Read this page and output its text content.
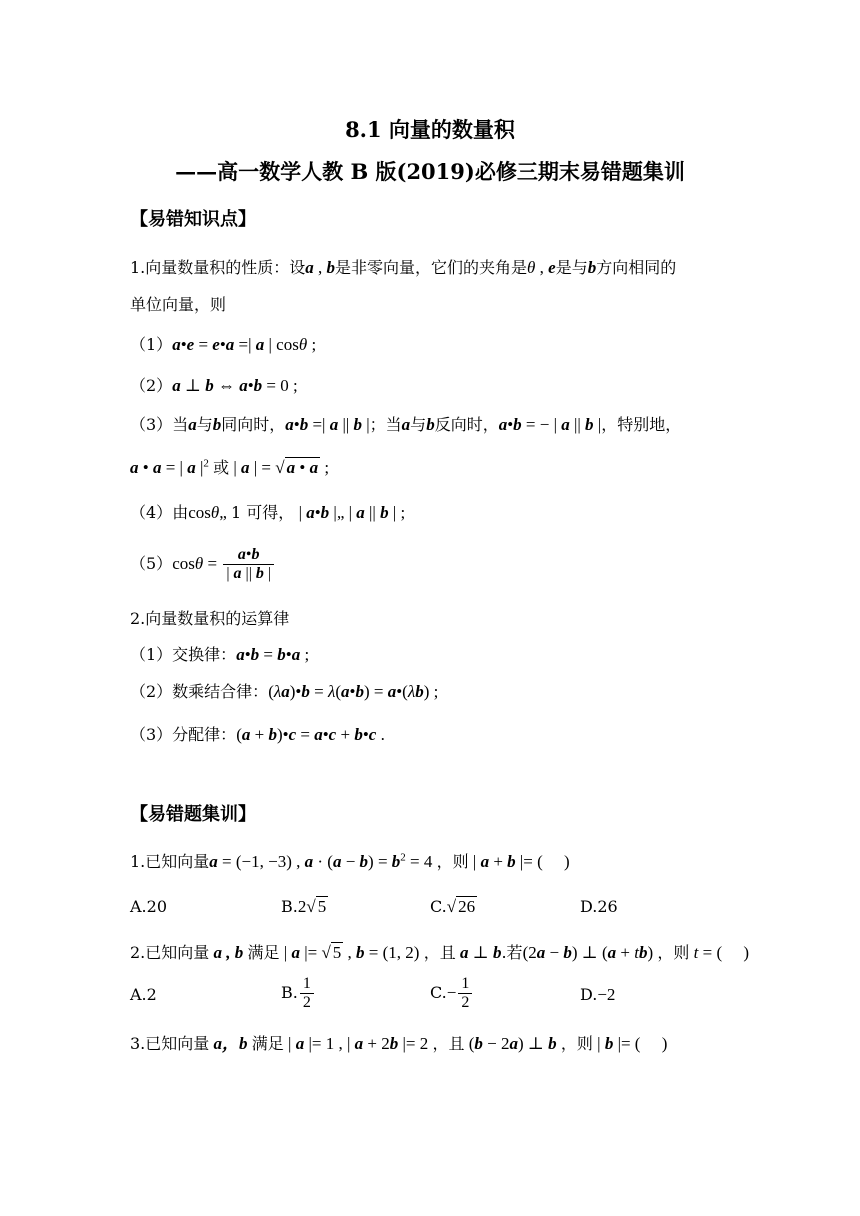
8.1 向量的数量积
——高一数学人教 B 版(2019)必修三期末易错题集训
【易错知识点】
1.向量数量积的性质：设a , b是非零向量，它们的夹角是θ , e是与b方向相同的
单位向量，则
（1）a•e = e•a =| a | cosθ ;
（2）a ⊥ b ⇔ a•b = 0 ;
（3）当a与b同向时，a•b =| a || b |；当a与b反向时，a•b = − | a || b |，特别地，
a • a = | a $|^2$ 或 | a | = √ a • a ;
（4）由cosθ„ 1 可得， | a•b |„ | a || b | ;
$(5)\cos\theta = \frac{a•b}{| a || b |}$
2.向量数量积的运算律
（1）交换律：a•b = b•a ;
（2）数乘结合律：(λa)•b = λ(a•b) = a•(λb) ;
（3）分配律：(a + b)•c = a•c + b•c .
【易错题集训】
1.已知向量a = (−1, −3) , $a \cdot (a - b) = b^2 = 4$ ，则 | a + b |= (     )
A.20	B.2√ 5	C.√ 26	D.26
2.已知向量 a , b 满足 | a |= √ 5 , b = (1, 2) ，且 a ⊥ b.若(2a − b) ⊥ (a + tb) ，则 t = (     )
A.2	B. $\frac{1}{2}$	$C.- \frac{1}{2}$	D.−2
3.已知向量 a，b 满足 | a |= 1 , | a + 2b |= 2 ，且 (b − 2a) ⊥ b ，则 | b |= (     )
